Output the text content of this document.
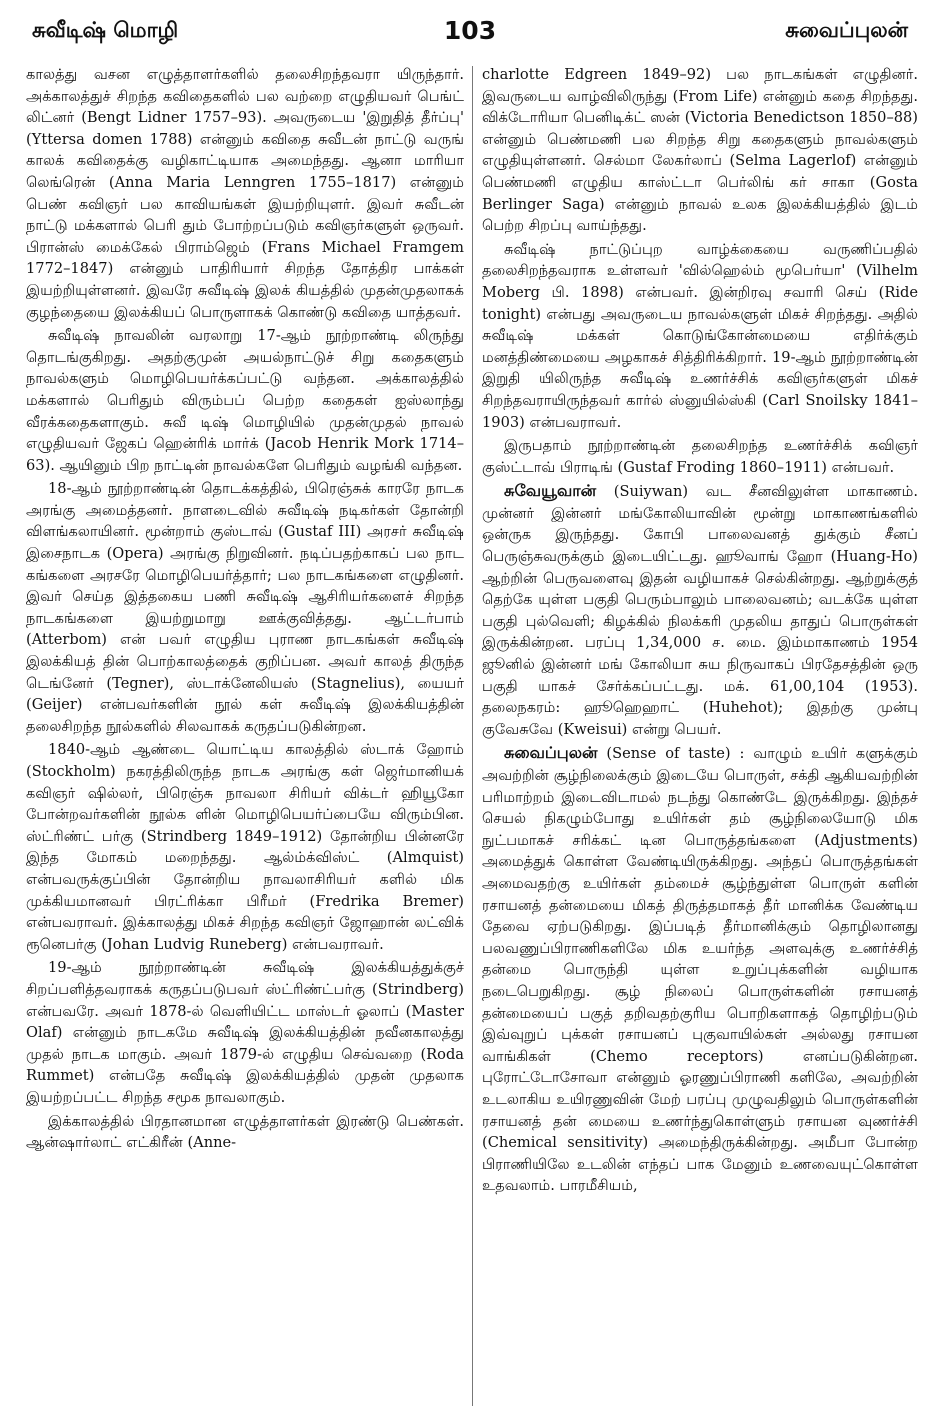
சுவீடிஷ் மொழி	103	சுவைப்புலன்

காலத்து வசன எழுத்தாளர்களில் தலைசிறந்தவரா யிருந்தார். அக்காலத்துச் சிறந்த கவிதைகளில் பல வற்றை எழுதியவர் பெங்ட் லிட்னர் (Bengt Lidner 1757–93). அவருடைய 'இறுதித் தீர்ப்பு' (Yttersa domen 1788) என்னும் கவிதை சுவீடன் நாட்டு வருங் காலக் கவிதைக்கு வழிகாட்டியாக அமைந்தது. ஆனா மாரியா லெங்ரென் (Anna Maria Lenngren 1755–1817) என்னும் பெண் கவிஞர் பல காவியங்கள் இயற்றியுளர். இவர் சுவீடன் நாட்டு மக்களால் பெரி தும் போற்றப்படும் கவிஞர்களுள் ஒருவர். பிரான்ஸ் மைக்கேல் பிராம்ஜெம் (Frans Michael Framgem 1772–1847) என்னும் பாதிரியார் சிறந்த தோத்திர பாக்கள் இயற்றியுள்ளனர். இவரே சுவீடிஷ் இலக் கியத்தில் முதன்முதலாகக் குழந்தையை இலக்கியப் பொருளாகக் கொண்டு கவிதை யாத்தவர்.

சுவீடிஷ் நாவலின் வரலாறு 17-ஆம் நூற்றாண்டி லிருந்து தொடங்குகிறது. அதற்குமுன் அயல்நாட்டுச் சிறு கதைகளும் நாவல்களும் மொழிபெயர்க்கப்பட்டு வந்தன. அக்காலத்தில் மக்களால் பெரிதும் விரும்பப் பெற்ற கதைகள் ஐஸ்லாந்து வீரக்கதைகளாகும். சுவீ டிஷ் மொழியில் முதன்முதல் நாவல் எழுதியவர் ஜேகப் ஹென்ரிக் மார்க் (Jacob Henrik Mork 1714–63). ஆயினும் பிற நாட்டின் நாவல்களே பெரிதும் வழங்கி வந்தன.

18-ஆம் நூற்றாண்டின் தொடக்கத்தில், பிரெஞ்சுக் காரரே நாடக அரங்கு அமைத்தனர். நாளடைவில் சுவீடிஷ் நடிகர்கள் தோன்றி விளங்கலாயினர். மூன்றாம் குஸ்டாவ் (Gustaf III) அரசர் சுவீடிஷ் இசைநாடக (Opera) அரங்கு நிறுவினர். நடிப்பதற்காகப் பல நாட கங்களை அரசரே மொழிபெயர்த்தார்; பல நாடகங்களை எழுதினர். இவர் செய்த இத்தகைய பணி சுவீடிஷ் ஆசிரியர்களைச் சிறந்த நாடகங்களை இயற்றுமாறு ஊக்குவித்தது. ஆட்டர்பாம் (Atterbom) என் பவர் எழுதிய புராண நாடகங்கள் சுவீடிஷ் இலக்கியத் தின் பொற்காலத்தைக் குறிப்பன. அவர் காலத் திருந்த டெங்னேர் (Tegner), ஸ்டாக்னேலியஸ் (Stagnelius), யையர் (Geijer) என்பவர்களின் நூல் கள் சுவீடிஷ் இலக்கியத்தின் தலைசிறந்த நூல்களில் சிலவாகக் கருதப்படுகின்றன.

1840-ஆம் ஆண்டை யொட்டிய காலத்தில் ஸ்டாக் ஹோம் (Stockholm) நகரத்திலிருந்த நாடக அரங்கு கள் ஜெர்மானியக் கவிஞர் ஷில்லர், பிரெஞ்சு நாவலா சிரியர் விக்டர் ஹியூகோ போன்றவர்களின் நூல்க ளின் மொழிபெயர்ப்பையே விரும்பின. ஸ்ட்ரிண்ட் பர்கு (Strindberg 1849–1912) தோன்றிய பின்னரே இந்த மோகம் மறைந்தது. ஆல்ம்க்விஸ்ட் (Almquist) என்பவருக்குப்பின் தோன்றிய நாவலாசிரியர் களில் மிக முக்கியமானவர் பிரட்ரிக்கா பிரீமர் (Fredrika Bremer) என்பவராவர். இக்காலத்து மிகச் சிறந்த கவிஞர் ஜோஹான் லட்விக் ரூனெபர்கு (Johan Ludvig Runeberg) என்பவராவர்.

19-ஆம் நூற்றாண்டின் சுவீடிஷ் இலக்கியத்துக்குச் சிறப்பளித்தவராகக் கருதப்படுபவர் ஸ்ட்ரிண்ட்பர்கு (Strindberg) என்பவரே. அவர் 1878-ல் வெளியிட்ட மாஸ்டர் ஓலாப் (Master Olaf) என்னும் நாடகமே சுவீடிஷ் இலக்கியத்தின் நவீனகாலத்து முதல் நாடக மாகும். அவர் 1879-ல் எழுதிய செவ்வறை (Roda Rummet) என்பதே சுவீடிஷ் இலக்கியத்தில் முதன் முதலாக இயற்றப்பட்ட சிறந்த சமூக நாவலாகும்.

இக்காலத்தில் பிரதானமான எழுத்தாளர்கள் இரண்டு பெண்கள். ஆன்ஷார்லாட் எட்கிரீன் (Anne-

charlotte Edgreen 1849–92) பல நாடகங்கள் எழுதினர். இவருடைய வாழ்விலிருந்து (From Life) என்னும் கதை சிறந்தது. விக்டோரியா பெனிடிக்ட் ஸன் (Victoria Benedictson 1850–88) என்னும் பெண்மணி பல சிறந்த சிறு கதைகளும் நாவல்களும் எழுதியுள்ளனர். செல்மா லேகர்லாப் (Selma Lagerlof) என்னும் பெண்மணி எழுதிய காஸ்ட்டா பெர்லிங் கர் சாகா (Gosta Berlinger Saga) என்னும் நாவல் உலக இலக்கியத்தில் இடம் பெற்ற சிறப்பு வாய்ந்தது.

சுவீடிஷ் நாட்டுப்புற வாழ்க்கையை வருணிப்பதில் தலைசிறந்தவராக உள்ளவர் 'வில்ஹெல்ம் மூபெர்யா' (Vilhelm Moberg பி. 1898) என்பவர். இன்றிரவு சவாரி செய் (Ride tonight) என்பது அவருடைய நாவல்களுள் மிகச் சிறந்தது. அதில் சுவீடிஷ் மக்கள் கொடுங்கோன்மையை எதிர்க்கும் மனத்திண்மையை அழகாகச் சித்திரிக்கிறார். 19-ஆம் நூற்றாண்டின் இறுதி யிலிருந்த சுவீடிஷ் உணர்ச்சிக் கவிஞர்களுள் மிகச் சிறந்தவராயிருந்தவர் கார்ல் ஸ்னுயில்ஸ்கி (Carl Snoilsky 1841–1903) என்பவராவர்.

இருபதாம் நூற்றாண்டின் தலைசிறந்த உணர்ச்சிக் கவிஞர் குஸ்ட்டாவ் பிராடிங் (Gustaf Froding 1860–1911) என்பவர்.

சுவேயூவான் (Suiywan) வட சீனவிலுள்ள மாகாணம். முன்னர் இன்னர் மங்கோலியாவின் மூன்று மாகாணங்களில் ஒன்ருக இருந்தது. கோபி பாலைவனத் துக்கும் சீனப் பெருஞ்சுவருக்கும் இடையிட்டது. ஹூவாங் ஹோ (Huang-Ho) ஆற்றின் பெருவளைவு இதன் வழியாகச் செல்கின்றது. ஆற்றுக்குத் தெற்கே யுள்ள பகுதி பெரும்பாலும் பாலைவனம்; வடக்கே யுள்ள பகுதி புல்வெளி; கிழக்கில் நிலக்கரி முதலிய தாதுப் பொருள்கள் இருக்கின்றன. பரப்பு 1,34,000 ச. மை. இம்மாகாணம் 1954 ஜூனில் இன்னர் மங் கோலியா சுய நிருவாகப் பிரதேசத்தின் ஒரு பகுதி யாகச் சேர்க்கப்பட்டது. மக். 61,00,104 (1953). தலைநகரம்: ஹூஹெஹாட் (Huhehot); இதற்கு முன்பு குவேசுவே (Kweisui) என்று பெயர்.

சுவைப்புலன் (Sense of taste) : வாழும் உயிர் களுக்கும் அவற்றின் சூழ்நிலைக்கும் இடையே பொருள், சக்தி ஆகியவற்றின் பரிமாற்றம் இடைவிடாமல் நடந்து கொண்டே இருக்கிறது. இந்தச் செயல் நிகழும்போது உயிர்கள் தம் சூழ்நிலையோடு மிக நுட்பமாகச் சரிக்கட் டின பொருத்தங்களை (Adjustments) அமைத்துக் கொள்ள வேண்டியிருக்கிறது. அந்தப் பொருத்தங்கள் அமைவதற்கு உயிர்கள் தம்மைச் சூழ்ந்துள்ள பொருள் களின் ரசாயனத் தன்மையை மிகத் திருத்தமாகத் தீர் மானிக்க வேண்டிய தேவை ஏற்படுகிறது. இப்படித் தீர்மானிக்கும் தொழிலானது பலவணுப்பிராணிகளிலே மிக உயர்ந்த அளவுக்கு உணர்ச்சித் தன்மை பொருந்தி யுள்ள உறுப்புக்களின் வழியாக நடைபெறுகிறது. சூழ் நிலைப் பொருள்களின் ரசாயனத் தன்மையைப் பகுத் தறிவதற்குரிய பொறிகளாகத் தொழிற்படும் இவ்வுறுப் புக்கள் ரசாயனப் புகுவாயில்கள் அல்லது ரசாயன வாங்கிகள் (Chemo receptors) எனப்படுகின்றன. புரோட்டோசோவா என்னும் ஓரணுப்பிராணி களிலே, அவற்றின் உடலாகிய உயிரணுவின் மேற் பரப்பு முழுவதிலும் பொருள்களின் ரசாயனத் தன் மையை உணர்ந்துகொள்ளும் ரசாயன வுணர்ச்சி (Chemical sensitivity) அமைந்திருக்கின்றது. அமீபா போன்ற பிராணியிலே உடலின் எந்தப் பாக மேனும் உணவையுட்கொள்ள உதவலாம். பாரமீசியம்,
